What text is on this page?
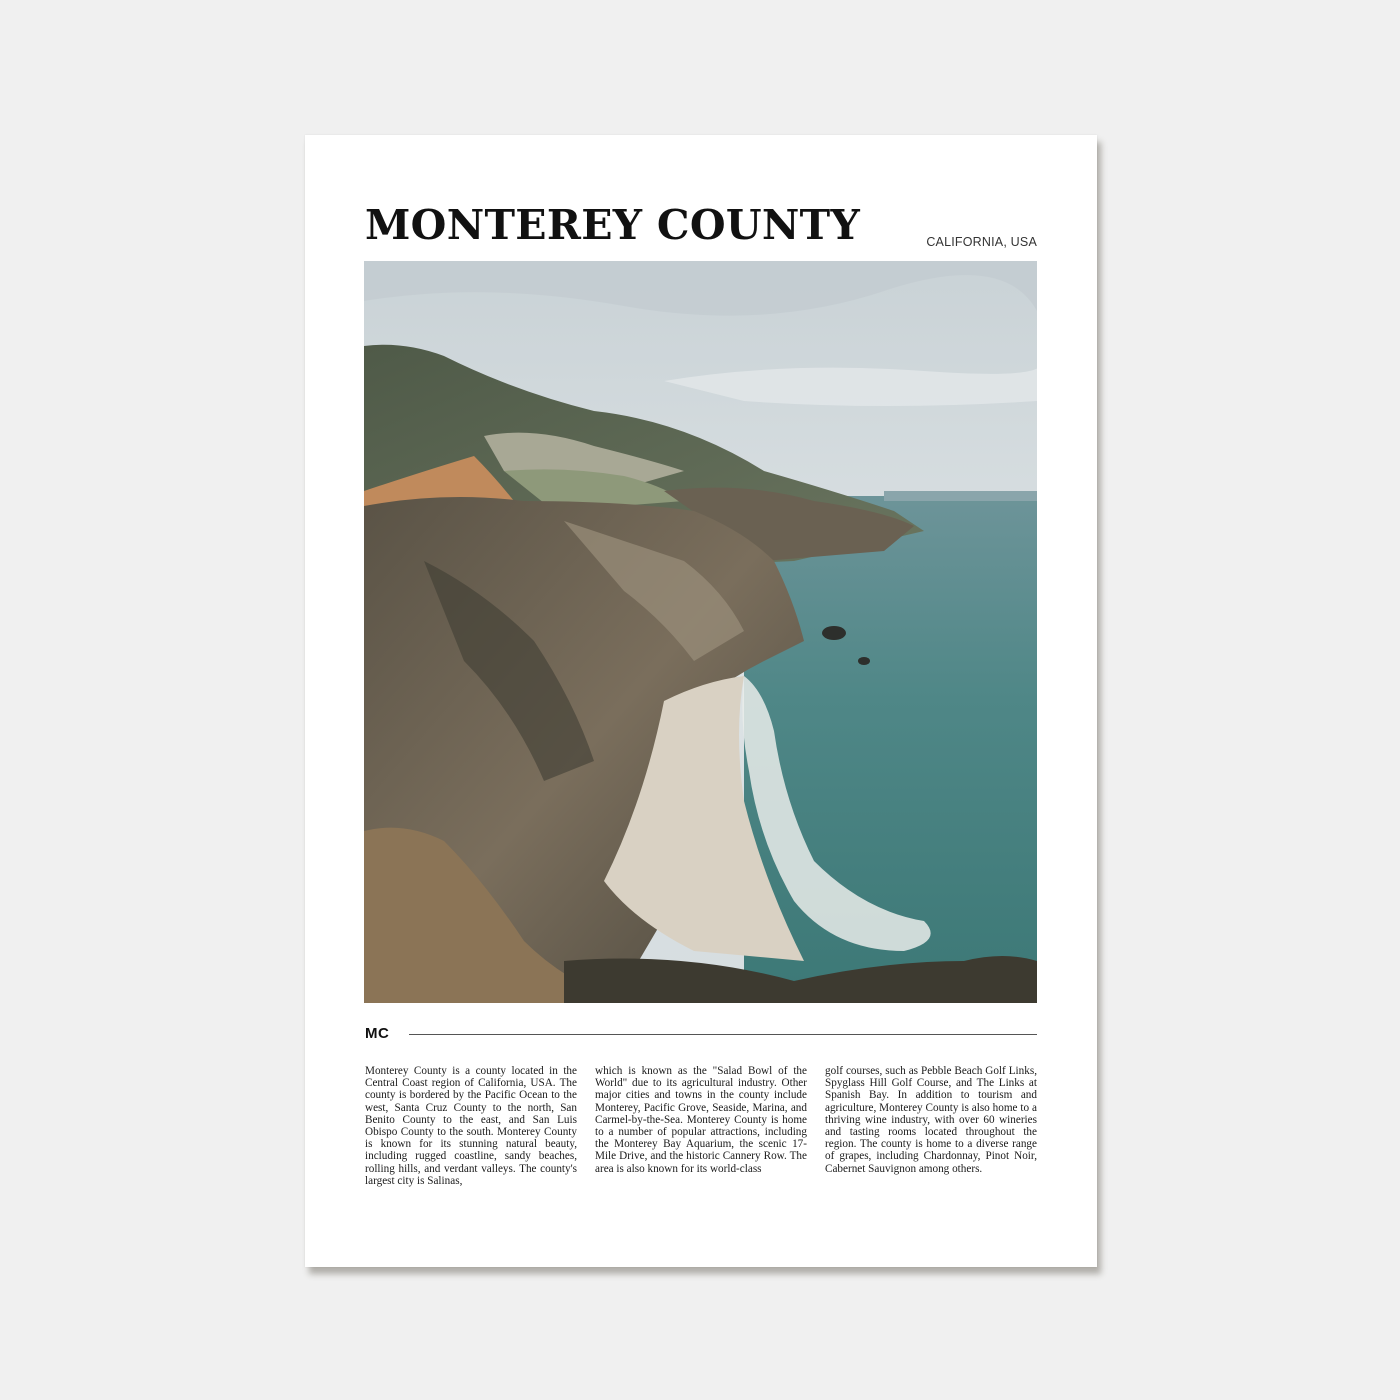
MONTEREY COUNTY	CALIFORNIA, USA
MC

Monterey County is a county located in the Central Coast region of California, USA. The county is bordered by the Pacific Ocean to the west, Santa Cruz County to the north, San Benito County to the east, and San Luis Obispo County to the south. Monterey County is known for its stunning natural beauty, including rugged coastline, sandy beaches, rolling hills, and verdant valleys. The county's largest city is Salinas,

which is known as the "Salad Bowl of the World" due to its agricultural industry. Other major cities and towns in the county include Monterey, Pacific Grove, Seaside, Marina, and Carmel-by-the-Sea. Monterey County is home to a number of popular attractions, including the Monterey Bay Aquarium, the scenic 17-Mile Drive, and the historic Cannery Row. The area is also known for its world-class

golf courses, such as Pebble Beach Golf Links, Spyglass Hill Golf Course, and The Links at Spanish Bay. In addition to tourism and agriculture, Monterey County is also home to a thriving wine industry, with over 60 wineries and tasting rooms located throughout the region. The county is home to a diverse range of grapes, including Chardonnay, Pinot Noir, Cabernet Sauvignon among others.
